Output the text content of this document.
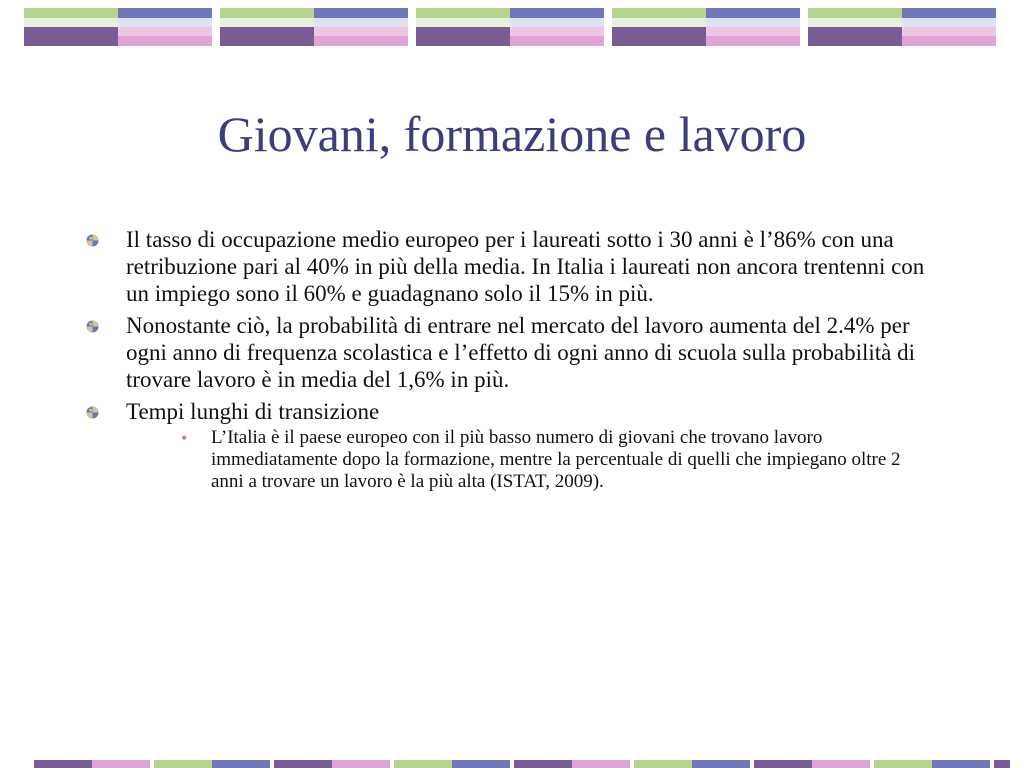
Giovani, formazione e lavoro
Il tasso di occupazione medio europeo per i laureati sotto i 30 anni è l’86% con una retribuzione pari al 40% in più della media. In Italia i laureati non ancora trentenni con un impiego sono il 60% e guadagnano solo il 15% in più.
Nonostante ciò, la probabilità di entrare nel mercato del lavoro aumenta del 2.4% per ogni anno di frequenza scolastica e l’effetto di ogni anno di scuola sulla probabilità di trovare lavoro è in media del 1,6% in più.
Tempi lunghi di transizione
• L’Italia è il paese europeo con il più basso numero di giovani che trovano lavoro immediatamente dopo la formazione, mentre la percentuale di quelli che impiegano oltre 2 anni a trovare un lavoro è la più alta (ISTAT, 2009).
